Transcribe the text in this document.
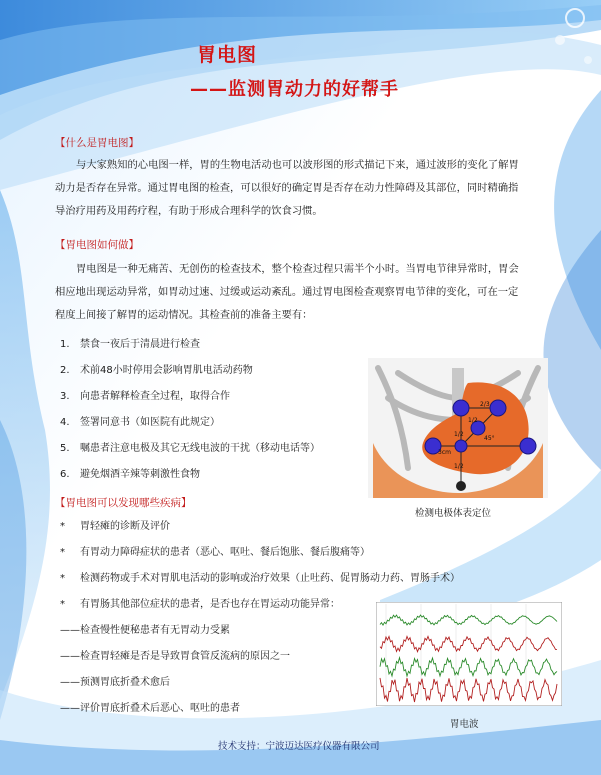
胃电图
——监测胃动力的好帮手
【什么是胃电图】
与大家熟知的心电图一样，胃的生物电活动也可以波形图的形式描记下来，通过波形的变化了解胃动力是否存在异常。通过胃电图的检查，可以很好的确定胃是否存在动力性障碍及其部位，同时精确指导治疗用药及用药疗程，有助于形成合理科学的饮食习惯。
【胃电图如何做】
胃电图是一种无痛苦、无创伤的检查技术，整个检查过程只需半个小时。当胃电节律异常时，胃会相应地出现运动异常，如胃动过速、过缓或运动紊乱。通过胃电图检查观察胃电节律的变化，可在一定程度上间接了解胃的运动情况。其检查前的准备主要有：
1. 禁食一夜后于清晨进行检查
2. 术前48小时停用会影响胃肌电活动药物
3. 向患者解释检查全过程，取得合作
4. 签署同意书（如医院有此规定）
5. 嘱患者注意电极及其它无线电波的干扰（移动电话等）
6. 避免烟酒辛辣等刺激性食物
2/3
1/2
1/2
45°
1/2
3cm
检测电极体表定位
【胃电图可以发现哪些疾病】
* 胃轻瘫的诊断及评价
* 有胃动力障碍症状的患者（恶心、呕吐、餐后饱胀、餐后腹痛等）
* 检测药物或手术对胃肌电活动的影响或治疗效果（止吐药、促胃肠动力药、胃肠手术）
* 有胃肠其他部位症状的患者，是否也存在胃运动功能异常：
——检查慢性便秘患者有无胃动力受累
——检查胃轻瘫是否是导致胃食管反流病的原因之一
——预测胃底折叠术愈后
——评价胃底折叠术后恶心、呕吐的患者
胃电波
技术支持：宁波迈达医疗仪器有限公司
